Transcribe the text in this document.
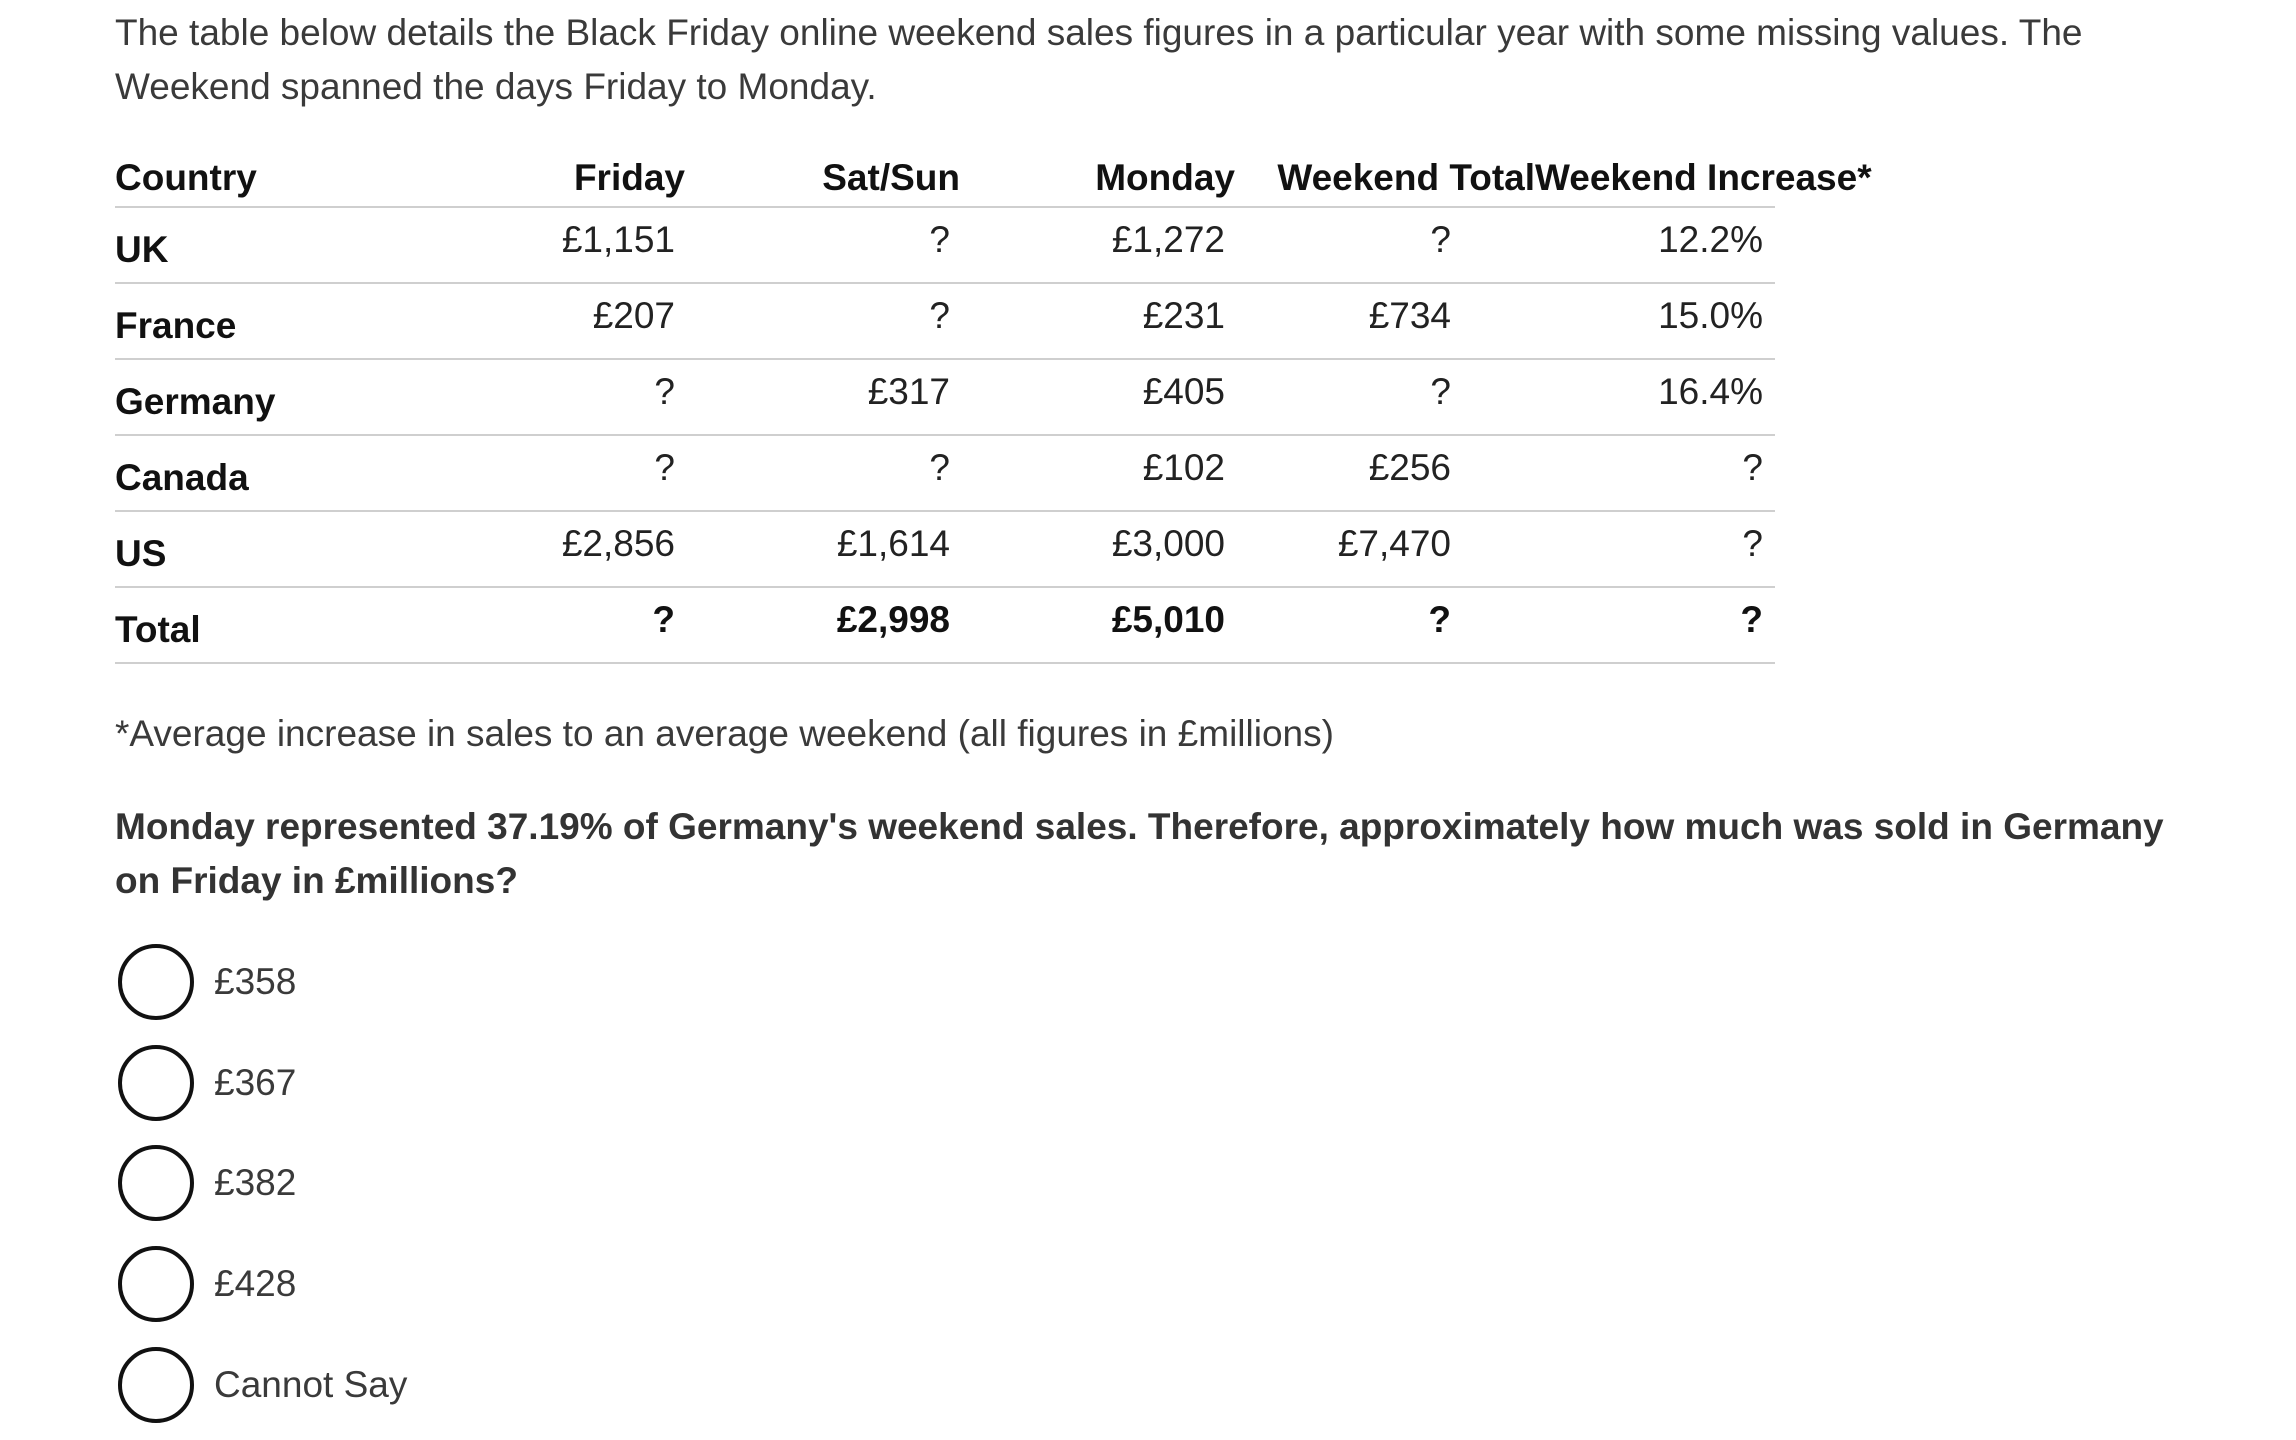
The table below details the Black Friday online weekend sales figures in a particular year with some missing values. The Weekend spanned the days Friday to Monday.

Country	Friday	Sat/Sun	Monday	Weekend Total	Weekend Increase*

UK	£1,151	?	£1,272	?	12.2%

France	£207	?	£231	£734	15.0%

Germany	?	£317	£405	?	16.4%

Canada	?	?	£102	£256	?

US	£2,856	£1,614	£3,000	£7,470	?

Total	?	£2,998	£5,010	?	?

*Average increase in sales to an average weekend (all figures in £millions)

Monday represented 37.19% of Germany's weekend sales. Therefore, approximately how much was sold in Germany on Friday in £millions?

£358
£367
£382
£428
Cannot Say
